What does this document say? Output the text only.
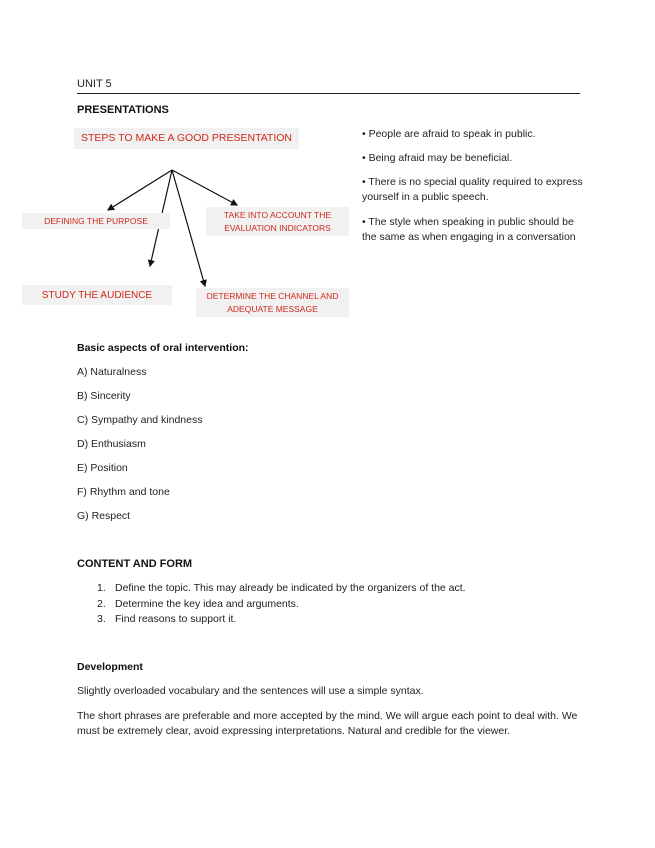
UNIT 5
PRESENTATIONS
STEPS TO MAKE A GOOD PRESENTATION
DEFINING THE PURPOSE
TAKE INTO ACCOUNT THE EVALUATION INDICATORS
STUDY THE AUDIENCE	DETERMINE THE CHANNEL AND ADEQUATE MESSAGE
• People are afraid to speak in public.
• Being afraid may be beneficial.
• There is no special quality required to express yourself in a public speech.
• The style when speaking in public should be the same as when engaging in a conversation
Basic aspects of oral intervention:
A) Naturalness
B) Sincerity
C) Sympathy and kindness
D) Enthusiasm
E) Position
F) Rhythm and tone
G) Respect
CONTENT AND FORM
1. Define the topic. This may already be indicated by the organizers of the act.
2. Determine the key idea and arguments.
3. Find reasons to support it.
Development
Slightly overloaded vocabulary and the sentences will use a simple syntax.
The short phrases are preferable and more accepted by the mind. We will argue each point to deal with. We must be extremely clear, avoid expressing interpretations. Natural and credible for the viewer.
